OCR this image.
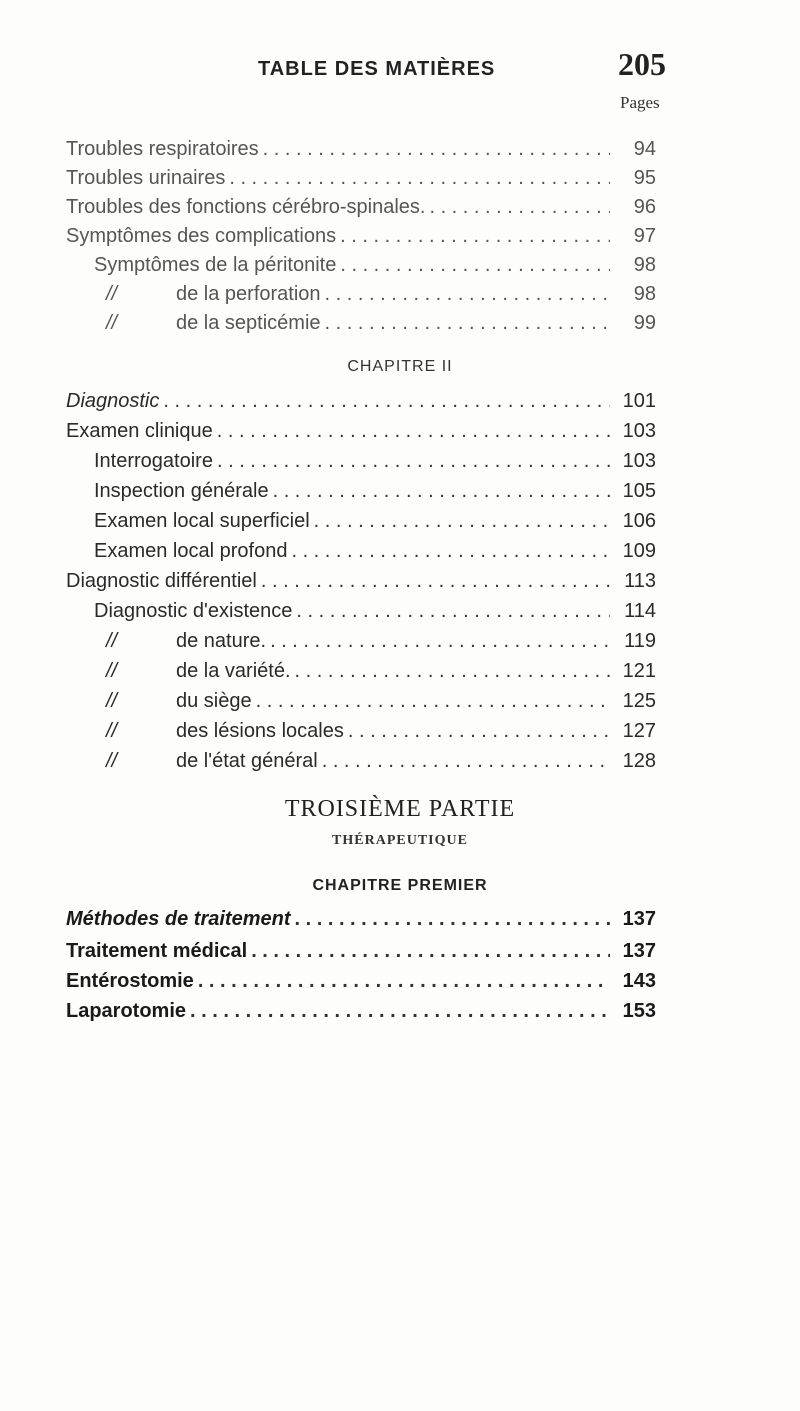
TABLE DES MATIÈRES	205
Pages
Troubles respiratoires . . .	94
Troubles urinaires . . .	95
Troubles des fonctions cérébro-spinales. . . .	96
Symptômes des complications . . .	97
Symptômes de la péritonite . . .	98
//	de la perforation . . .	98
//	de la septicémie . . .	99
CHAPITRE II
Diagnostic . . .	101
Examen clinique . . .	103
Interrogatoire . . .	103
Inspection générale . . .	105
Examen local superficiel . . .	106
Examen local profond . . .	109
Diagnostic différentiel . . .	113
Diagnostic d'existence . . .	114
//	de nature. . . .	119
//	de la variété. . . .	121
//	du siège . . .	125
//	des lésions locales . . .	127
//	de l'état général . . .	128
TROISIÈME PARTIE
THÉRAPEUTIQUE
CHAPITRE PREMIER
Méthodes de traitement . . .	137
Traitement médical . . .	137
Entérostomie . . .	143
Laparotomie . . .	153
